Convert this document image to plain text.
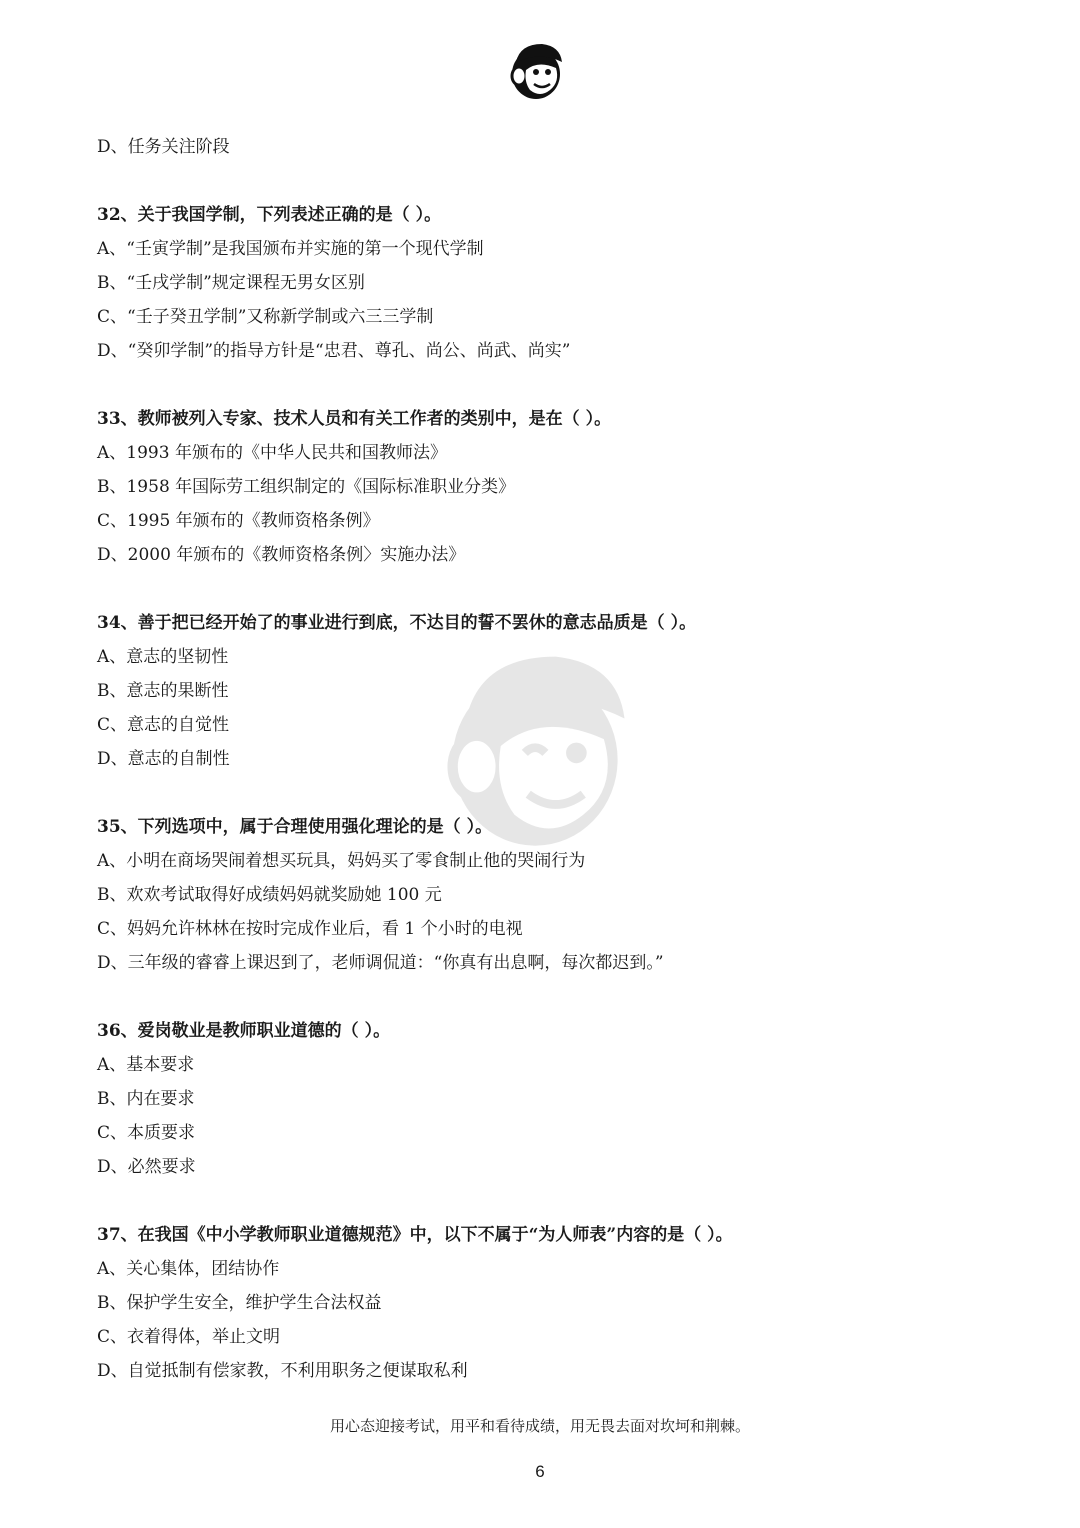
D、任务关注阶段
32、关于我国学制，下列表述正确的是（ ）。
A、“壬寅学制”是我国颁布并实施的第一个现代学制
B、“壬戌学制”规定课程无男女区别
C、“壬子癸丑学制”又称新学制或六三三学制
D、“癸卯学制”的指导方针是“忠君、尊孔、尚公、尚武、尚实”
33、教师被列入专家、技术人员和有关工作者的类别中，是在（ ）。
A、1993 年颁布的《中华人民共和国教师法》
B、1958 年国际劳工组织制定的《国际标准职业分类》
C、1995 年颁布的《教师资格条例》
D、2000 年颁布的《教师资格条例〉实施办法》
34、善于把已经开始了的事业进行到底，不达目的誓不罢休的意志品质是（ ）。
A、意志的坚韧性
B、意志的果断性
C、意志的自觉性
D、意志的自制性
35、下列选项中，属于合理使用强化理论的是（ ）。
A、小明在商场哭闹着想买玩具，妈妈买了零食制止他的哭闹行为
B、欢欢考试取得好成绩妈妈就奖励她 100 元
C、妈妈允许林林在按时完成作业后，看 1 个小时的电视
D、三年级的睿睿上课迟到了，老师调侃道：“你真有出息啊，每次都迟到。”
36、爱岗敬业是教师职业道德的（ ）。
A、基本要求
B、内在要求
C、本质要求
D、必然要求
37、在我国《中小学教师职业道德规范》中，以下不属于“为人师表”内容的是（ ）。
A、关心集体，团结协作
B、保护学生安全，维护学生合法权益
C、衣着得体，举止文明
D、自觉抵制有偿家教，不利用职务之便谋取私利
用心态迎接考试，用平和看待成绩，用无畏去面对坎坷和荆棘。
6
